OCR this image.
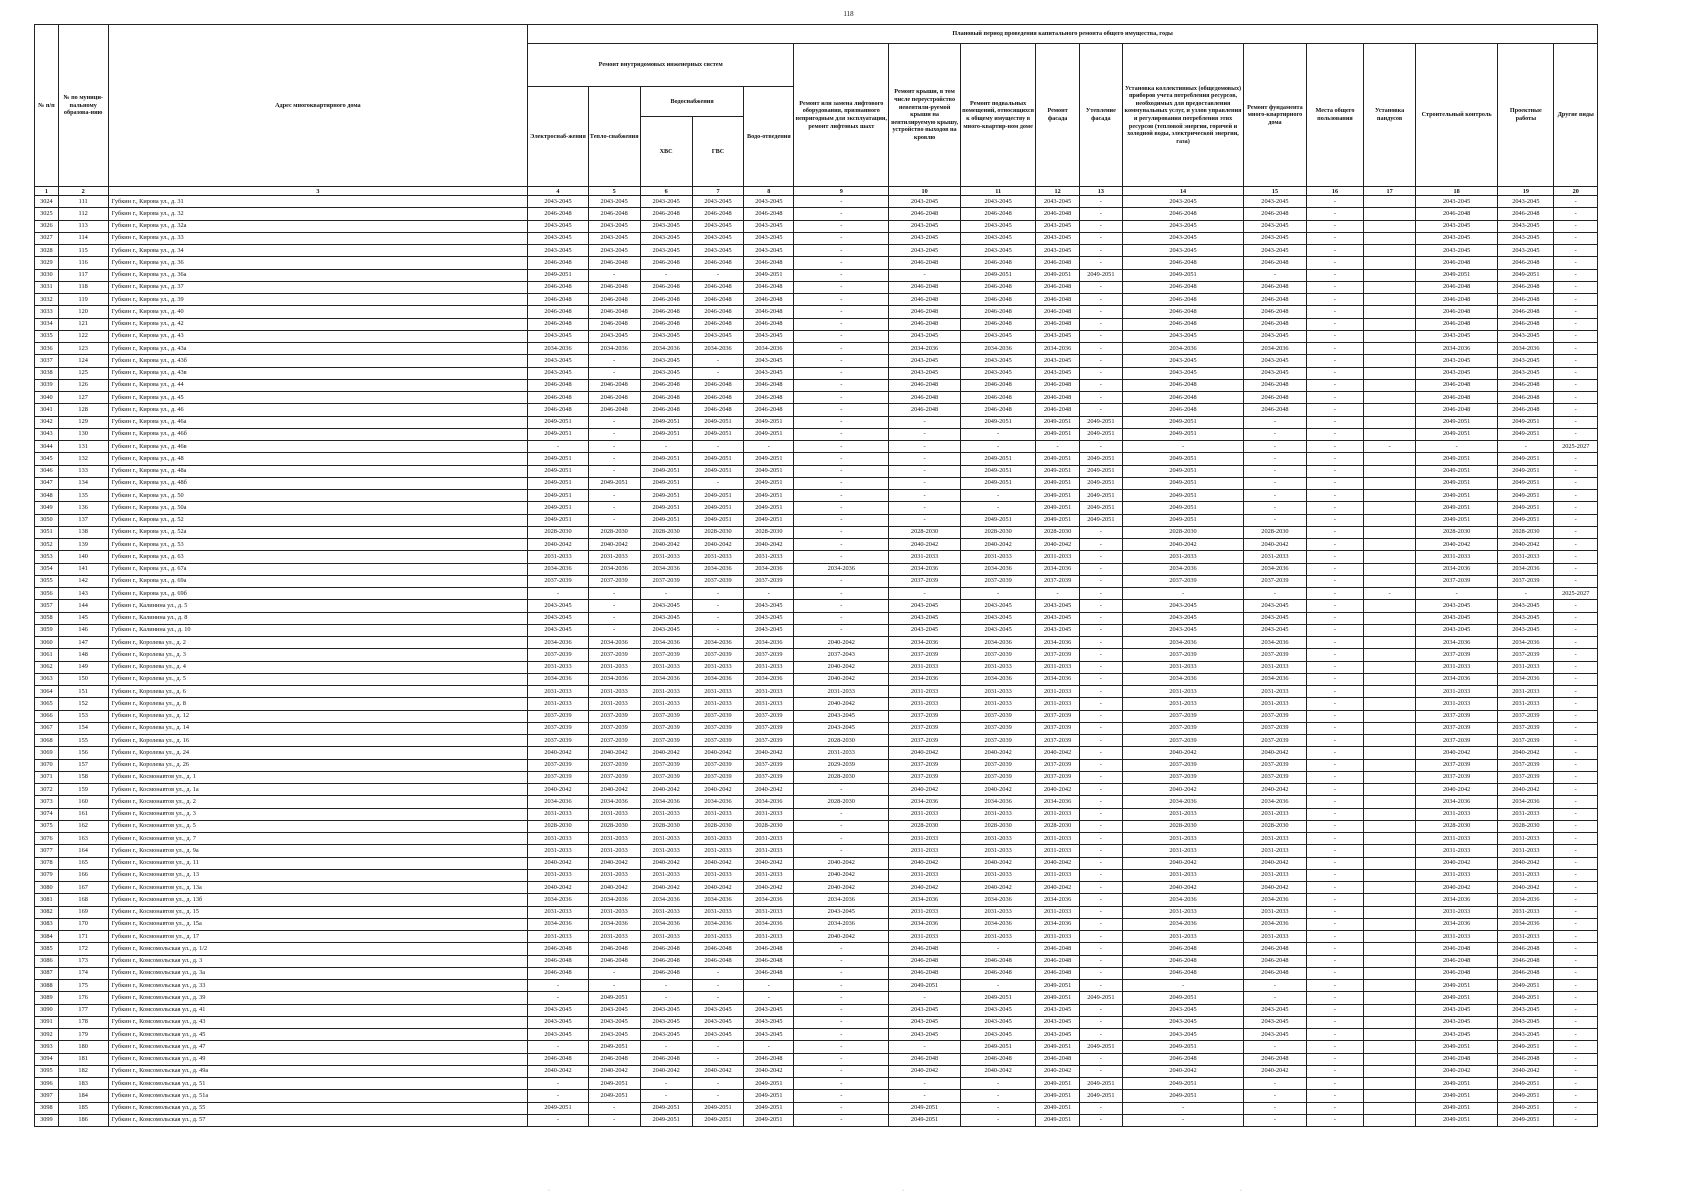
118
№ п/п	№ по муници-пальному образова-нию	Адрес многоквартирного дома	Плановый период проведения капитального ремонта общего имущества, годы																
			Ремонт внутридомовых инженерных систем					Ремонт или замена лифтового оборудования, признанного непригодным для эксплуатации, ремонт лифтовых шахт	Ремонт крыши, в том числе переустройство невентили-руемой крыши на вентилируемую крышу, устройство выходов на кровлю	Ремонт подвальных помещений, относящихся к общему имуществу в много-квартир-ном доме	Ремонт фасада	Утепление фасада	Установка коллективных (общедомовых) приборов учета потребления ресурсов, необходимых для предоставления коммунальных услуг, и узлов управления и регулирования потребления этих ресурсов (тепловой энергии, горячей и холодной воды, электрической энергии, газа)	Ремонт фундамента много-квартирного дома	Места общего пользования	Установка пандусов	Строительный контроль	Проектные работы	Другие виды
			Электроснаб-жения	Тепло-снабжения	Водоснабжения		Водо-отведения												
					ХВС	ГВС													
1	2	3	4	5	6	7	8	9	10	11	12	13	14	15	16	17	18	19	20
3024	111	Губкин г., Кирова ул., д. 31	2043-2045	2043-2045	2043-2045	2043-2045	2043-2045	-	2043-2045	2043-2045	2043-2045	-	2043-2045	2043-2045	-		2043-2045	2043-2045	-
3025	112	Губкин г., Кирова ул., д. 32	2046-2048	2046-2048	2046-2048	2046-2048	2046-2048	-	2046-2048	2046-2048	2046-2048	-	2046-2048	2046-2048	-		2046-2048	2046-2048	-
3026	113	Губкин г., Кирова ул., д. 32а	2043-2045	2043-2045	2043-2045	2043-2045	2043-2045	-	2043-2045	2043-2045	2043-2045	-	2043-2045	2043-2045	-		2043-2045	2043-2045	-
3027	114	Губкин г., Кирова ул., д. 33	2043-2045	2043-2045	2043-2045	2043-2045	2043-2045	-	2043-2045	2043-2045	2043-2045	-	2043-2045	2043-2045	-		2043-2045	2043-2045	-
3028	115	Губкин г., Кирова ул., д. 34	2043-2045	2043-2045	2043-2045	2043-2045	2043-2045	-	2043-2045	2043-2045	2043-2045	-	2043-2045	2043-2045	-		2043-2045	2043-2045	-
3029	116	Губкин г., Кирова ул., д. 36	2046-2048	2046-2048	2046-2048	2046-2048	2046-2048	-	2046-2048	2046-2048	2046-2048	-	2046-2048	2046-2048	-		2046-2048	2046-2048	-
3030	117	Губкин г., Кирова ул., д. 36а	2049-2051	-	-	-	2049-2051	-	-	2049-2051	2049-2051	2049-2051	2049-2051	-	-		2049-2051	2049-2051	-
3031	118	Губкин г., Кирова ул., д. 37	2046-2048	2046-2048	2046-2048	2046-2048	2046-2048	-	2046-2048	2046-2048	2046-2048	-	2046-2048	2046-2048	-		2046-2048	2046-2048	-
3032	119	Губкин г., Кирова ул., д. 39	2046-2048	2046-2048	2046-2048	2046-2048	2046-2048	-	2046-2048	2046-2048	2046-2048	-	2046-2048	2046-2048	-		2046-2048	2046-2048	-
3033	120	Губкин г., Кирова ул., д. 40	2046-2048	2046-2048	2046-2048	2046-2048	2046-2048	-	2046-2048	2046-2048	2046-2048	-	2046-2048	2046-2048	-		2046-2048	2046-2048	-
3034	121	Губкин г., Кирова ул., д. 42	2046-2048	2046-2048	2046-2048	2046-2048	2046-2048	-	2046-2048	2046-2048	2046-2048	-	2046-2048	2046-2048	-		2046-2048	2046-2048	-
3035	122	Губкин г., Кирова ул., д. 43	2043-2045	2043-2045	2043-2045	2043-2045	2043-2045	-	2043-2045	2043-2045	2043-2045	-	2043-2045	2043-2045	-		2043-2045	2043-2045	-
3036	123	Губкин г., Кирова ул., д. 43а	2034-2036	2034-2036	2034-2036	2034-2036	2034-2036	-	2034-2036	2034-2036	2034-2036	-	2034-2036	2034-2036	-		2034-2036	2034-2036	-
3037	124	Губкин г., Кирова ул., д. 43б	2043-2045	-	2043-2045	-	2043-2045	-	2043-2045	2043-2045	2043-2045	-	2043-2045	2043-2045	-		2043-2045	2043-2045	-
3038	125	Губкин г., Кирова ул., д. 43в	2043-2045	-	2043-2045	-	2043-2045	-	2043-2045	2043-2045	2043-2045	-	2043-2045	2043-2045	-		2043-2045	2043-2045	-
3039	126	Губкин г., Кирова ул., д. 44	2046-2048	2046-2048	2046-2048	2046-2048	2046-2048	-	2046-2048	2046-2048	2046-2048	-	2046-2048	2046-2048	-		2046-2048	2046-2048	-
3040	127	Губкин г., Кирова ул., д. 45	2046-2048	2046-2048	2046-2048	2046-2048	2046-2048	-	2046-2048	2046-2048	2046-2048	-	2046-2048	2046-2048	-		2046-2048	2046-2048	-
3041	128	Губкин г., Кирова ул., д. 46	2046-2048	2046-2048	2046-2048	2046-2048	2046-2048	-	2046-2048	2046-2048	2046-2048	-	2046-2048	2046-2048	-		2046-2048	2046-2048	-
3042	129	Губкин г., Кирова ул., д. 46а	2049-2051	-	2049-2051	2049-2051	2049-2051	-	-	2049-2051	2049-2051	2049-2051	2049-2051	-	-		2049-2051	2049-2051	-
3043	130	Губкин г., Кирова ул., д. 46б	2049-2051	-	2049-2051	2049-2051	2049-2051	-	-	-	2049-2051	2049-2051	2049-2051	-	-		2049-2051	2049-2051	-
3044	131	Губкин г., Кирова ул., д. 46в	-	-	-	-	-	-	-	-	-	-	-	-	-	-	-	-	2025-2027
3045	132	Губкин г., Кирова ул., д. 48	2049-2051	-	2049-2051	2049-2051	2049-2051	-	-	2049-2051	2049-2051	2049-2051	2049-2051	-	-		2049-2051	2049-2051	-
3046	133	Губкин г., Кирова ул., д. 48а	2049-2051	-	2049-2051	2049-2051	2049-2051	-	-	2049-2051	2049-2051	2049-2051	2049-2051	-	-		2049-2051	2049-2051	-
3047	134	Губкин г., Кирова ул., д. 48б	2049-2051	2049-2051	2049-2051	-	2049-2051	-	-	2049-2051	2049-2051	2049-2051	2049-2051	-	-		2049-2051	2049-2051	-
3048	135	Губкин г., Кирова ул., д. 50	2049-2051	-	2049-2051	2049-2051	2049-2051	-	-	-	2049-2051	2049-2051	2049-2051	-	-		2049-2051	2049-2051	-
3049	136	Губкин г., Кирова ул., д. 50а	2049-2051	-	2049-2051	2049-2051	2049-2051	-	-	-	2049-2051	2049-2051	2049-2051	-	-		2049-2051	2049-2051	-
3050	137	Губкин г., Кирова ул., д. 52	2049-2051	-	2049-2051	2049-2051	2049-2051	-	-	2049-2051	2049-2051	2049-2051	2049-2051	-	-		2049-2051	2049-2051	-
3051	138	Губкин г., Кирова ул., д. 52а	2028-2030	2028-2030	2028-2030	2028-2030	2028-2030	-	2028-2030	2028-2030	2028-2030	-	2028-2030	2028-2030	-		2028-2030	2028-2030	-
3052	139	Губкин г., Кирова ул., д. 53	2040-2042	2040-2042	2040-2042	2040-2042	2040-2042	-	2040-2042	2040-2042	2040-2042	-	2040-2042	2040-2042	-		2040-2042	2040-2042	-
3053	140	Губкин г., Кирова ул., д. 63	2031-2033	2031-2033	2031-2033	2031-2033	2031-2033	-	2031-2033	2031-2033	2031-2033	-	2031-2033	2031-2033	-		2031-2033	2031-2033	-
3054	141	Губкин г., Кирова ул., д. 67а	2034-2036	2034-2036	2034-2036	2034-2036	2034-2036	2034-2036	2034-2036	2034-2036	2034-2036	-	2034-2036	2034-2036	-		2034-2036	2034-2036	-
3055	142	Губкин г., Кирова ул., д. 69а	2037-2039	2037-2039	2037-2039	2037-2039	2037-2039	-	2037-2039	2037-2039	2037-2039	-	2037-2039	2037-2039	-		2037-2039	2037-2039	-
3056	143	Губкин г., Кирова ул., д. 69б	-	-	-	-	-	-	-	-	-	-	-	-	-	-	-	-	2025-2027
3057	144	Губкин г., Калинина ул., д. 5	2043-2045	-	2043-2045	-	2043-2045	-	2043-2045	2043-2045	2043-2045	-	2043-2045	2043-2045	-		2043-2045	2043-2045	-
3058	145	Губкин г., Калинина ул., д. 8	2043-2045	-	2043-2045	-	2043-2045	-	2043-2045	2043-2045	2043-2045	-	2043-2045	2043-2045	-		2043-2045	2043-2045	-
3059	146	Губкин г., Калинина ул., д. 10	2043-2045	-	2043-2045	-	2043-2045	-	2043-2045	2043-2045	2043-2045	-	2043-2045	2043-2045	-		2043-2045	2043-2045	-
3060	147	Губкин г., Королева ул., д. 2	2034-2036	2034-2036	2034-2036	2034-2036	2034-2036	2040-2042	2034-2036	2034-2036	2034-2036	-	2034-2036	2034-2036	-		2034-2036	2034-2036	-
3061	148	Губкин г., Королева ул., д. 3	2037-2039	2037-2039	2037-2039	2037-2039	2037-2039	2037-2043	2037-2039	2037-2039	2037-2039	-	2037-2039	2037-2039	-		2037-2039	2037-2039	-
3062	149	Губкин г., Королева ул., д. 4	2031-2033	2031-2033	2031-2033	2031-2033	2031-2033	2040-2042	2031-2033	2031-2033	2031-2033	-	2031-2033	2031-2033	-		2031-2033	2031-2033	-
3063	150	Губкин г., Королева ул., д. 5	2034-2036	2034-2036	2034-2036	2034-2036	2034-2036	2040-2042	2034-2036	2034-2036	2034-2036	-	2034-2036	2034-2036	-		2034-2036	2034-2036	-
3064	151	Губкин г., Королева ул., д. 6	2031-2033	2031-2033	2031-2033	2031-2033	2031-2033	2031-2033	2031-2033	2031-2033	2031-2033	-	2031-2033	2031-2033	-		2031-2033	2031-2033	-
3065	152	Губкин г., Королева ул., д. 8	2031-2033	2031-2033	2031-2033	2031-2033	2031-2033	2040-2042	2031-2033	2031-2033	2031-2033	-	2031-2033	2031-2033	-		2031-2033	2031-2033	-
3066	153	Губкин г., Королева ул., д. 12	2037-2039	2037-2039	2037-2039	2037-2039	2037-2039	2043-2045	2037-2039	2037-2039	2037-2039	-	2037-2039	2037-2039	-		2037-2039	2037-2039	-
3067	154	Губкин г., Королева ул., д. 14	2037-2039	2037-2039	2037-2039	2037-2039	2037-2039	2043-2045	2037-2039	2037-2039	2037-2039	-	2037-2039	2037-2039	-		2037-2039	2037-2039	-
3068	155	Губкин г., Королева ул., д. 16	2037-2039	2037-2039	2037-2039	2037-2039	2037-2039	2028-2030	2037-2039	2037-2039	2037-2039	-	2037-2039	2037-2039	-		2037-2039	2037-2039	-
3069	156	Губкин г., Королева ул., д. 24	2040-2042	2040-2042	2040-2042	2040-2042	2040-2042	2031-2033	2040-2042	2040-2042	2040-2042	-	2040-2042	2040-2042	-		2040-2042	2040-2042	-
3070	157	Губкин г., Королева ул., д. 26	2037-2039	2037-2039	2037-2039	2037-2039	2037-2039	2029-2039	2037-2039	2037-2039	2037-2039	-	2037-2039	2037-2039	-		2037-2039	2037-2039	-
3071	158	Губкин г., Космонавтов ул., д. 1	2037-2039	2037-2039	2037-2039	2037-2039	2037-2039	2028-2030	2037-2039	2037-2039	2037-2039	-	2037-2039	2037-2039	-		2037-2039	2037-2039	-
3072	159	Губкин г., Космонавтов ул., д. 1а	2040-2042	2040-2042	2040-2042	2040-2042	2040-2042	-	2040-2042	2040-2042	2040-2042	-	2040-2042	2040-2042	-		2040-2042	2040-2042	-
3073	160	Губкин г., Космонавтов ул., д. 2	2034-2036	2034-2036	2034-2036	2034-2036	2034-2036	2028-2030	2034-2036	2034-2036	2034-2036	-	2034-2036	2034-2036	-		2034-2036	2034-2036	-
3074	161	Губкин г., Космонавтов ул., д. 3	2031-2033	2031-2033	2031-2033	2031-2033	2031-2033	-	2031-2033	2031-2033	2031-2033	-	2031-2033	2031-2033	-		2031-2033	2031-2033	-
3075	162	Губкин г., Космонавтов ул., д. 5	2028-2030	2028-2030	2028-2030	2028-2030	2028-2030	-	2028-2030	2028-2030	2028-2030	-	2028-2030	2028-2030	-		2028-2030	2028-2030	-
3076	163	Губкин г., Космонавтов ул., д. 7	2031-2033	2031-2033	2031-2033	2031-2033	2031-2033	-	2031-2033	2031-2033	2031-2033	-	2031-2033	2031-2033	-		2031-2033	2031-2033	-
3077	164	Губкин г., Космонавтов ул., д. 9а	2031-2033	2031-2033	2031-2033	2031-2033	2031-2033	-	2031-2033	2031-2033	2031-2033	-	2031-2033	2031-2033	-		2031-2033	2031-2033	-
3078	165	Губкин г., Космонавтов ул., д. 11	2040-2042	2040-2042	2040-2042	2040-2042	2040-2042	2040-2042	2040-2042	2040-2042	2040-2042	-	2040-2042	2040-2042	-		2040-2042	2040-2042	-
3079	166	Губкин г., Космонавтов ул., д. 13	2031-2033	2031-2033	2031-2033	2031-2033	2031-2033	2040-2042	2031-2033	2031-2033	2031-2033	-	2031-2033	2031-2033	-		2031-2033	2031-2033	-
3080	167	Губкин г., Космонавтов ул., д. 13а	2040-2042	2040-2042	2040-2042	2040-2042	2040-2042	2040-2042	2040-2042	2040-2042	2040-2042	-	2040-2042	2040-2042	-		2040-2042	2040-2042	-
3081	168	Губкин г., Космонавтов ул., д. 13б	2034-2036	2034-2036	2034-2036	2034-2036	2034-2036	2034-2036	2034-2036	2034-2036	2034-2036	-	2034-2036	2034-2036	-		2034-2036	2034-2036	-
3082	169	Губкин г., Космонавтов ул., д. 15	2031-2033	2031-2033	2031-2033	2031-2033	2031-2033	2043-2045	2031-2033	2031-2033	2031-2033	-	2031-2033	2031-2033	-		2031-2033	2031-2033	-
3083	170	Губкин г., Космонавтов ул., д. 15а	2034-2036	2034-2036	2034-2036	2034-2036	2034-2036	2034-2036	2034-2036	2034-2036	2034-2036	-	2034-2036	2034-2036	-		2034-2036	2034-2036	-
3084	171	Губкин г., Космонавтов ул., д. 17	2031-2033	2031-2033	2031-2033	2031-2033	2031-2033	2040-2042	2031-2033	2031-2033	2031-2033	-	2031-2033	2031-2033	-		2031-2033	2031-2033	-
3085	172	Губкин г., Комсомольская ул., д. 1/2	2046-2048	2046-2048	2046-2048	2046-2048	2046-2048	-	2046-2048	-	2046-2048	-	2046-2048	2046-2048	-		2046-2048	2046-2048	-
3086	173	Губкин г., Комсомольская ул., д. 3	2046-2048	2046-2048	2046-2048	2046-2048	2046-2048	-	2046-2048	2046-2048	2046-2048	-	2046-2048	2046-2048	-		2046-2048	2046-2048	-
3087	174	Губкин г., Комсомольская ул., д. 3а	2046-2048	-	2046-2048	-	2046-2048	-	2046-2048	2046-2048	2046-2048	-	2046-2048	2046-2048	-		2046-2048	2046-2048	-
3088	175	Губкин г., Комсомольская ул., д. 33	-	-	-	-	-	-	2049-2051	-	2049-2051	-	-	-	-		2049-2051	2049-2051	-
3089	176	Губкин г., Комсомольская ул., д. 39	-	2049-2051	-	-	-	-	-	2049-2051	2049-2051	2049-2051	2049-2051	-	-		2049-2051	2049-2051	-
3090	177	Губкин г., Комсомольская ул., д. 41	2043-2045	2043-2045	2043-2045	2043-2045	2043-2045	-	2043-2045	2043-2045	2043-2045	-	2043-2045	2043-2045	-		2043-2045	2043-2045	-
3091	178	Губкин г., Комсомольская ул., д. 43	2043-2045	2043-2045	2043-2045	2043-2045	2043-2045	-	2043-2045	2043-2045	2043-2045	-	2043-2045	2043-2045	-		2043-2045	2043-2045	-
3092	179	Губкин г., Комсомольская ул., д. 45	2043-2045	2043-2045	2043-2045	2043-2045	2043-2045	-	2043-2045	2043-2045	2043-2045	-	2043-2045	2043-2045	-		2043-2045	2043-2045	-
3093	180	Губкин г., Комсомольская ул., д. 47	-	2049-2051	-	-	-	-	-	2049-2051	2049-2051	2049-2051	2049-2051	-	-		2049-2051	2049-2051	-
3094	181	Губкин г., Комсомольская ул., д. 49	2046-2048	2046-2048	2046-2048	-	2046-2048	-	2046-2048	2046-2048	2046-2048	-	2046-2048	2046-2048	-		2046-2048	2046-2048	-
3095	182	Губкин г., Комсомольская ул., д. 49а	2040-2042	2040-2042	2040-2042	2040-2042	2040-2042	-	2040-2042	2040-2042	2040-2042	-	2040-2042	2040-2042	-		2040-2042	2040-2042	-
3096	183	Губкин г., Комсомольская ул., д. 51	-	2049-2051	-	-	2049-2051	-	-	-	2049-2051	2049-2051	2049-2051	-	-		2049-2051	2049-2051	-
3097	184	Губкин г., Комсомольская ул., д. 51а	-	2049-2051	-	-	2049-2051	-	-	-	2049-2051	2049-2051	2049-2051	-	-		2049-2051	2049-2051	-
3098	185	Губкин г., Комсомольская ул., д. 55	2049-2051	-	2049-2051	2049-2051	2049-2051	-	2049-2051	-	2049-2051	-	-	-	-		2049-2051	2049-2051	-
3099	186	Губкин г., Комсомольская ул., д. 57	-	-	2049-2051	2049-2051	2049-2051	-	2049-2051	-	2049-2051	-	-	-	-		2049-2051	2049-2051	-
·	·	·
